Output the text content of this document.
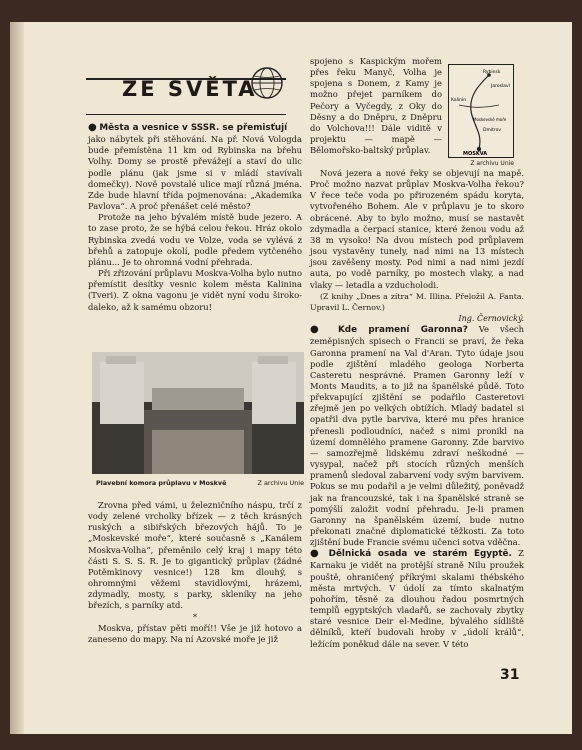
ZE SVĚTA

● Města a vesnice v SSSR. se přemisťují

jako nábytek při stěhování. Na př. Nová Vologda bude přemístěna 11 km od Rybinska na břehu Volhy. Domy se prostě převážejí a staví do ulic podle plánu (jak jsme si v mládí stavívali domečky). Nově povstalé ulice mají různá jména. Zde bude hlavní třída pojmenována: „Akademika Pavlova“. A proč přenášet celé město?

Protože na jeho bývalém místě bude jezero. A to zase proto, že se hýbá celou řekou. Hráz okolo Rybinska zvedá vodu ve Volze, voda se vylévá z břehů a zatopuje okolí, podle předem vytčeného plánu... Je to ohromná vodní přehrada.

Při zřizování průplavu Moskva-Volha bylo nutno přemístit desítky vesnic kolem města Kalinina (Tveri). Z okna vagonu je vidět nyní vodu široko-daleko, až k samému obzoru!

Plavební komora průplavu v Moskvě	Z archivu Unie

Zrovna před vámi, u železničního náspu, trčí z vody zelené vrcholky břízek — z těch krásných ruských a sibiřských březových hájů. To je „Moskevské moře“, které současně s „Kanálem Moskva-Volha“, přeměnilo celý kraj i mapy této části S. S. S. R. Je to gigantický průplav (žádné Potěmkinovy vesnice!) 128 km dlouhý, s ohromnými věžemi stavidlovými, hrázemi, zdymadly, mosty, s parky, skleníky na jeho březích, s parníky atd.

*

Moskva, přístav pěti moří!! Vše je již hotovo a zaneseno do mapy. Na ní Azovské moře je již

Rybinsk
Jaroslavl
Kalinin
Moskevské moře
Dmitrov
MOSKVA
Z archivu Unie

spojeno s Kaspickým mořem přes řeku Manyč, Volha je spojena s Donem, z Kamy je možno přejet parníkem do Pečory a Vyčegdy, z Oky do Děsny a do Dněpru, z Dněpru do Volchova!!! Dále viditě v projektu — mapě — Bělomořsko-baltský průplav.

Nová jezera a nové řeky se objevují na mapě. Proč možno nazvat průplav Moskva-Volha řekou? V řece teče voda po přirozeném spádu koryta, vytvořeného Bohem. Ale v průplavu je to skoro obrácené. Aby to bylo možno, musí se nastavět zdymadla a čerpací stanice, které ženou vodu až 38 m vysoko! Na dvou místech pod průplavem jsou vystavěny tunely, nad nimi na 13 místech jsou zavěšeny mosty. Pod nimi a nad nimi jezdí auta, po vodě parníky, po mostech vlaky, a nad vlaky — letadla a vzducholodi.

(Z knihy „Dnes a zítra“ M. Illina. Přeložil A. Fanta. Upravil L. Černov.)

Ing. Černovický.

● Kde pramení Garonna? Ve všech zeměpisných spisech o Francii se praví, že řeka Garonna pramení na Val d'Aran. Tyto údaje jsou podle zjištění mladého geologa Norberta Casteretu nesprávné. Pramen Garonny leží v Monts Maudits, a to již na španělské půdě. Toto překvapující zjištění se podařilo Casteretovi zřejmě jen po velkých obtížích. Mladý badatel si opatřil dva pytle barviva, které mu přes hranice přenesli podloudníci, načež s nimi pronikl na území domnělého pramene Garonny. Zde barvivo — samozřejmě lidskému zdraví neškodné — vysypal, načež při stocích různých menších pramenů sledoval zabarvení vody svým barvivem. Pokus se mu podařil a je velmi důležitý, poněvadž jak na francouzské, tak i na španělské straně se pomýšlí založit vodní přehradu. Je-li pramen Garonny na španělském území, bude nutno překonati značné diplomatické těžkosti. Za toto zjištění bude Francie svému učenci sotva vděčna.

● Dělnická osada ve starém Egyptě. Z Karnaku je vidět na protější straně Nilu proužek pouště, ohraničený příkrými skalami thébského města mrtvých. V údolí za tímto skalnatým pohořím, těsně za dlouhou řadou posmrtných templů egyptských vladařů, se zachovaly zbytky staré vesnice Deir el-Medine, bývalého sídliště dělníků, kteří budovali hroby v „údolí králů“, ležícím poněkud dále na sever. V této

31
